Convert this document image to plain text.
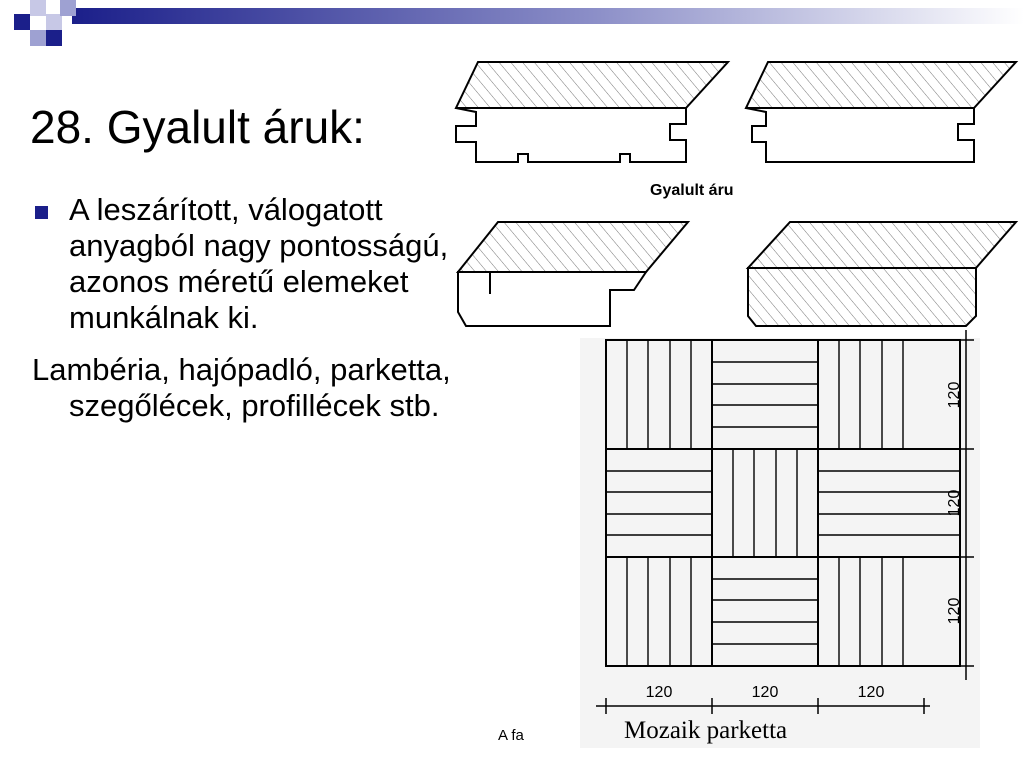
28. Gyalult áruk:
A leszárított, válogatott anyagból nagy pontosságú, azonos méretű elemeket munkálnak ki.
Lambéria, hajópadló, parketta, szegőlécek, profillécek stb.
Gyalult áru
120
120
120
120	120	120
Mozaik parketta
A fa
